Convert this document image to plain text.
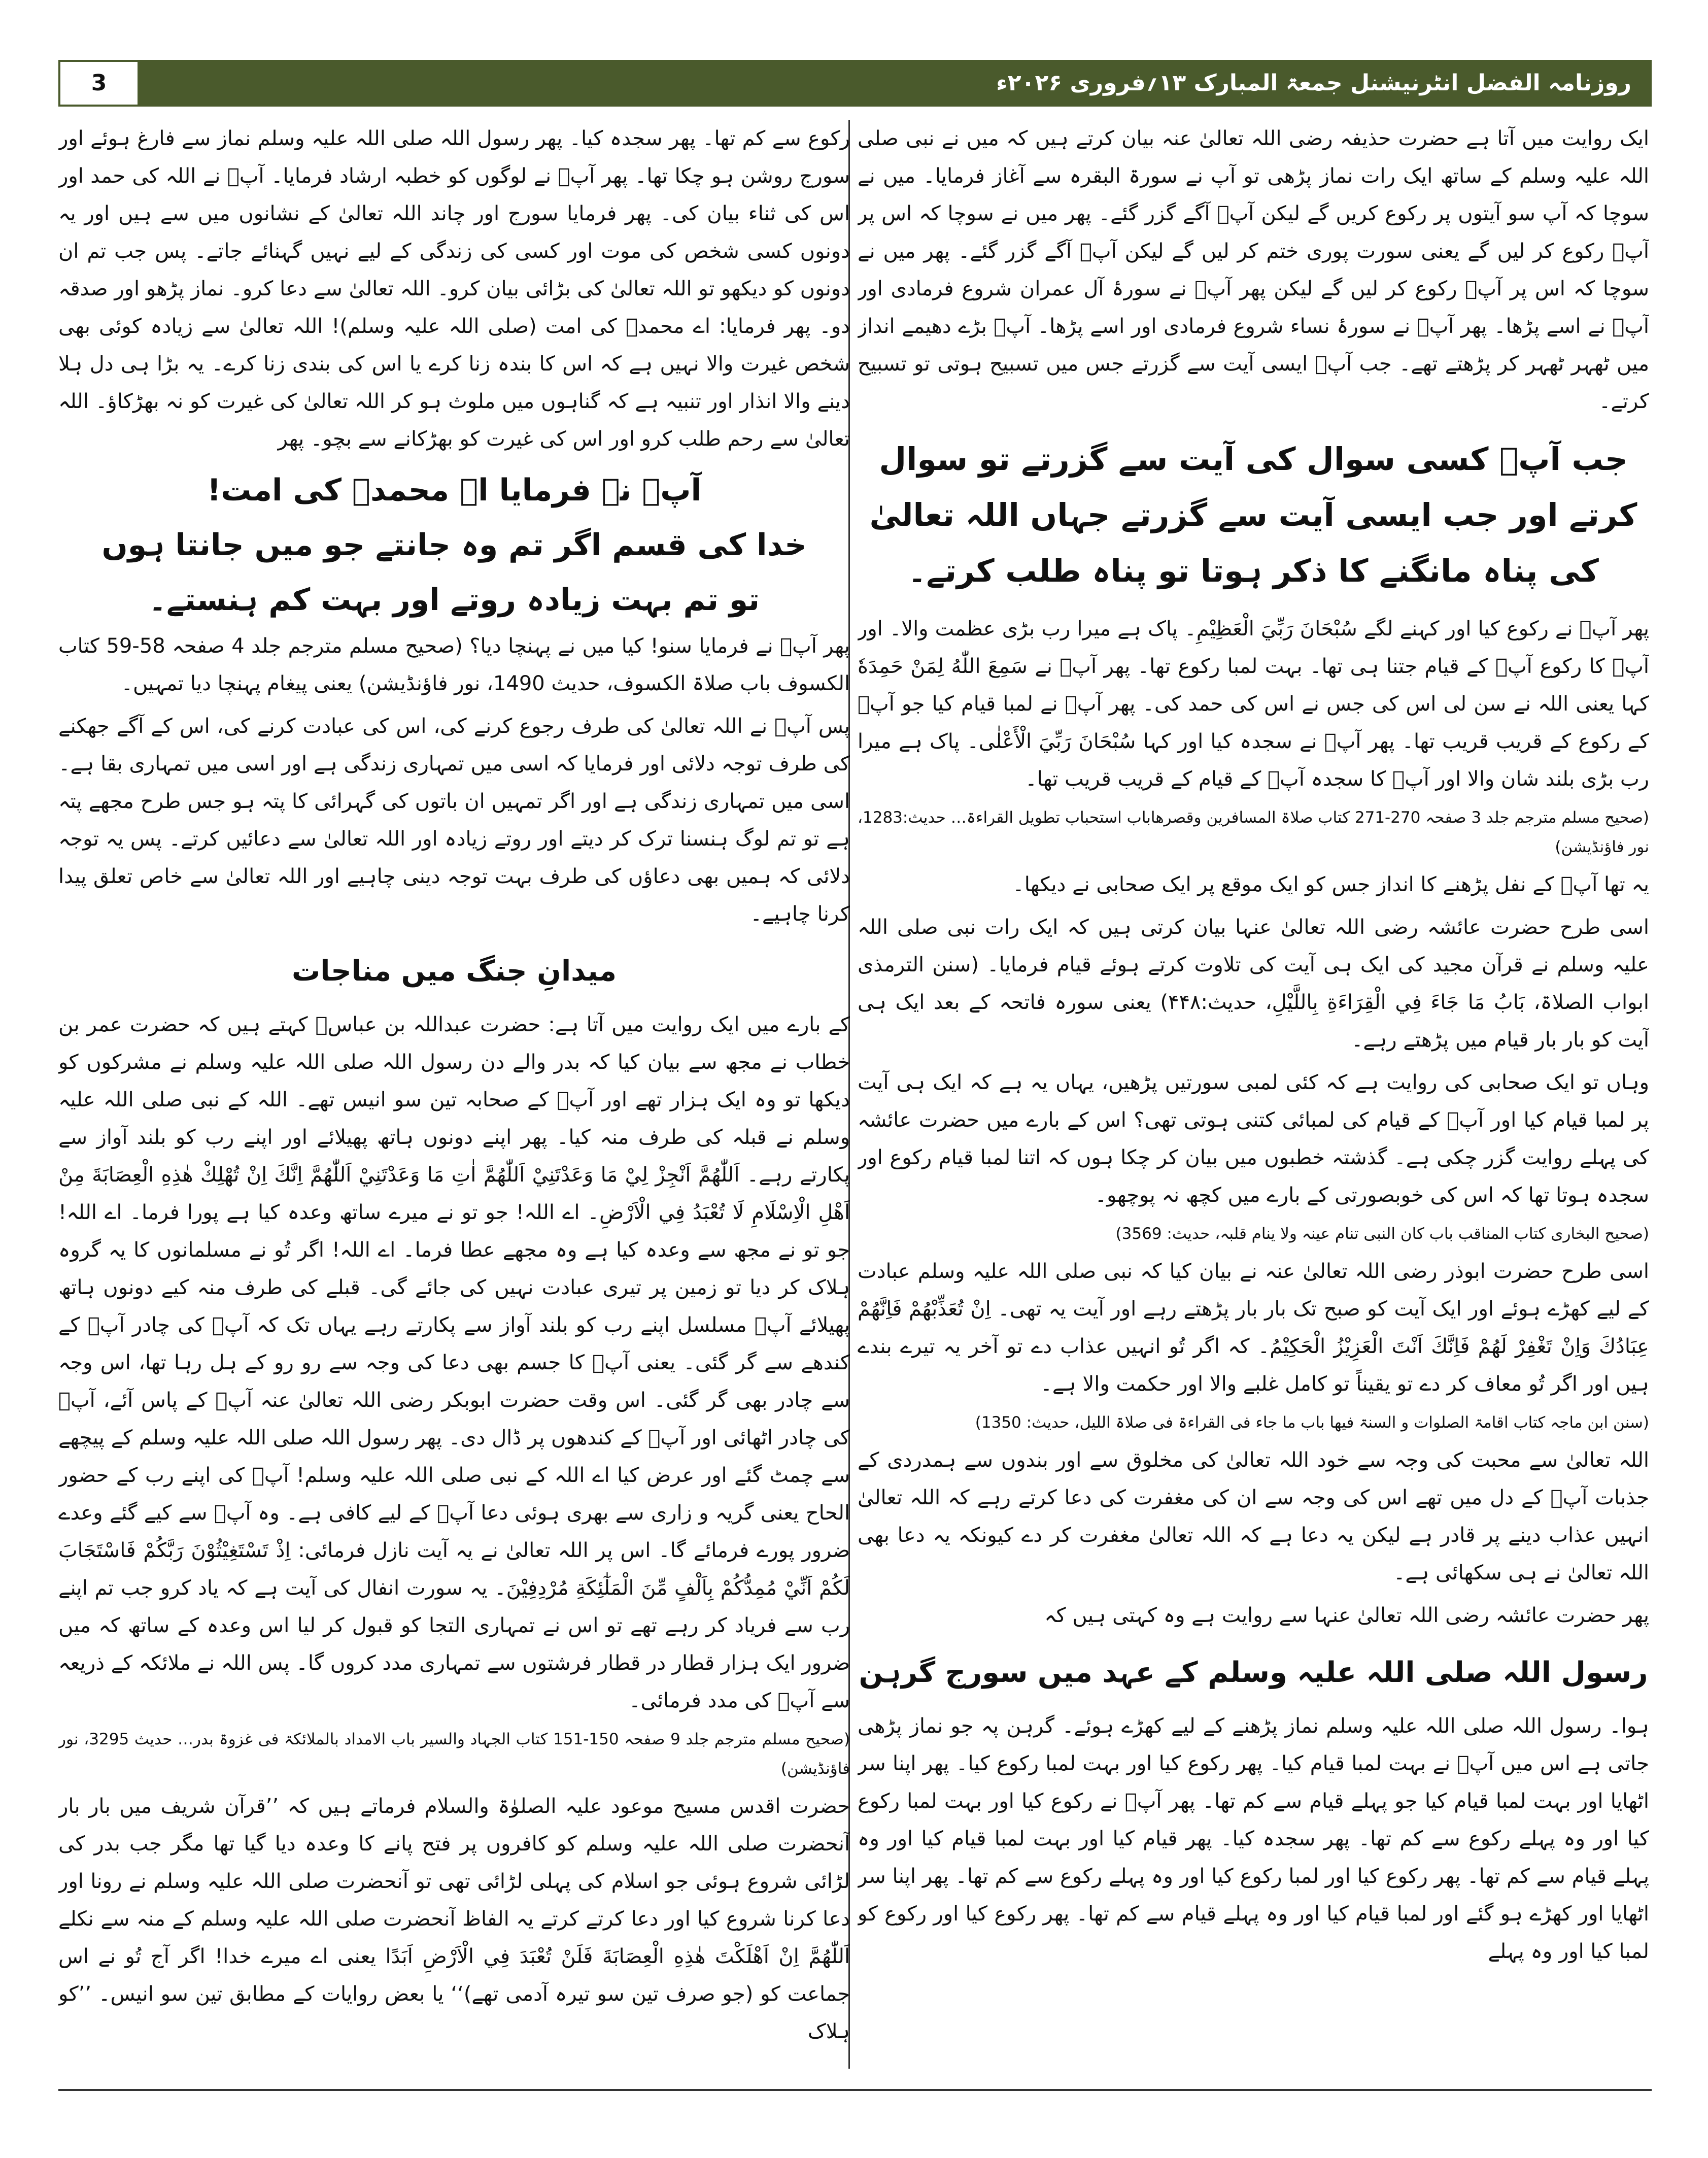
روزنامہ الفضل انٹرنیشنل جمعۃ المبارک ۱۳؍فروری ۲۰۲۶ء
3

ایک روایت میں آتا ہے حضرت حذیفہ رضی اللہ تعالیٰ عنہ بیان کرتے ہیں کہ میں نے نبی صلی اللہ علیہ وسلم کے ساتھ ایک رات نماز پڑھی تو آپ نے سورۃ البقرہ سے آغاز فرمایا۔ میں نے سوچا کہ آپ سو آیتوں پر رکوع کریں گے لیکن آپؐ آگے گزر گئے۔ پھر میں نے سوچا کہ اس پر آپؐ رکوع کر لیں گے یعنی سورت پوری ختم کر لیں گے لیکن آپؐ آگے گزر گئے۔ پھر میں نے سوچا کہ اس پر آپؐ رکوع کر لیں گے لیکن پھر آپؐ نے سورۂ آل عمران شروع فرمادی اور آپؐ نے اسے پڑھا۔ پھر آپؐ نے سورۂ نساء شروع فرمادی اور اسے پڑھا۔ آپؐ بڑے دھیمے انداز میں ٹھہر ٹھہر کر پڑھتے تھے۔ جب آپؐ ایسی آیت سے گزرتے جس میں تسبیح ہوتی تو تسبیح کرتے۔

جب آپؐ کسی سوال کی آیت سے گزرتے تو سوال کرتے اور جب ایسی آیت سے گزرتے جہاں اللہ تعالیٰ کی پناہ مانگنے کا ذکر ہوتا تو پناہ طلب کرتے۔

پھر آپؐ نے رکوع کیا اور کہنے لگے سُبْحَانَ رَبِّيَ الْعَظِيْمِ۔ پاک ہے میرا رب بڑی عظمت والا۔ اور آپؐ کا رکوع آپؐ کے قیام جتنا ہی تھا۔ بہت لمبا رکوع تھا۔ پھر آپؐ نے سَمِعَ اللّٰهُ لِمَنْ حَمِدَهٗ کہا یعنی اللہ نے سن لی اس کی جس نے اس کی حمد کی۔ پھر آپؐ نے لمبا قیام کیا جو آپؐ کے رکوع کے قریب قریب تھا۔ پھر آپؐ نے سجدہ کیا اور کہا سُبْحَانَ رَبِّيَ الْأَعْلٰى۔ پاک ہے میرا رب بڑی بلند شان والا اور آپؐ کا سجدہ آپؐ کے قیام کے قریب قریب تھا۔

(صحیح مسلم مترجم جلد 3 صفحہ 270-271 کتاب صلاۃ المسافرین وقصرھاباب استحباب تطویل القراءۃ… حدیث:1283، نور فاؤنڈیشن)

یہ تھا آپؐ کے نفل پڑھنے کا انداز جس کو ایک موقع پر ایک صحابی نے دیکھا۔

اسی طرح حضرت عائشہ رضی اللہ تعالیٰ عنہا بیان کرتی ہیں کہ ایک رات نبی صلی اللہ علیہ وسلم نے قرآن مجید کی ایک ہی آیت کی تلاوت کرتے ہوئے قیام فرمایا۔ (سنن الترمذی ابواب الصلاۃ، بَابُ مَا جَاءَ فِي الْقِرَاءَةِ بِاللَّيْلِ، حدیث:۴۴۸) یعنی سورہ فاتحہ کے بعد ایک ہی آیت کو بار بار قیام میں پڑھتے رہے۔

وہاں تو ایک صحابی کی روایت ہے کہ کئی لمبی سورتیں پڑھیں، یہاں یہ ہے کہ ایک ہی آیت پر لمبا قیام کیا اور آپؐ کے قیام کی لمبائی کتنی ہوتی تھی؟ اس کے بارے میں حضرت عائشہ کی پہلے روایت گزر چکی ہے۔ گذشتہ خطبوں میں بیان کر چکا ہوں کہ اتنا لمبا قیام رکوع اور سجدہ ہوتا تھا کہ اس کی خوبصورتی کے بارے میں کچھ نہ پوچھو۔

(صحیح البخاری کتاب المناقب باب کان النبی تنام عینہ ولا ینام قلبہ، حدیث: 3569)

اسی طرح حضرت ابوذر رضی اللہ تعالیٰ عنہ نے بیان کیا کہ نبی صلی اللہ علیہ وسلم عبادت کے لیے کھڑے ہوئے اور ایک آیت کو صبح تک بار بار پڑھتے رہے اور آیت یہ تھی۔ اِنْ تُعَذِّبْهُمْ فَاِنَّهُمْ عِبَادُكَ وَاِنْ تَغْفِرْ لَهُمْ فَاِنَّكَ اَنْتَ الْعَزِيْزُ الْحَكِيْمُ۔ کہ اگر تُو انہیں عذاب دے تو آخر یہ تیرے بندے ہیں اور اگر تُو معاف کر دے تو یقیناً تو کامل غلبے والا اور حکمت والا ہے۔

(سنن ابن ماجہ کتاب اقامۃ الصلوات و السنۃ فیھا باب ما جاء فی القراءۃ فی صلاۃ اللیل، حدیث: 1350)

اللہ تعالیٰ سے محبت کی وجہ سے خود اللہ تعالیٰ کی مخلوق سے اور بندوں سے ہمدردی کے جذبات آپؐ کے دل میں تھے اس کی وجہ سے ان کی مغفرت کی دعا کرتے رہے کہ اللہ تعالیٰ انہیں عذاب دینے پر قادر ہے لیکن یہ دعا ہے کہ اللہ تعالیٰ مغفرت کر دے کیونکہ یہ دعا بھی اللہ تعالیٰ نے ہی سکھائی ہے۔

پھر حضرت عائشہ رضی اللہ تعالیٰ عنہا سے روایت ہے وہ کہتی ہیں کہ

رسول اللہ صلی اللہ علیہ وسلم کے عہد میں سورج گرہن

ہوا۔ رسول اللہ صلی اللہ علیہ وسلم نماز پڑھنے کے لیے کھڑے ہوئے۔ گرہن پہ جو نماز پڑھی جاتی ہے اس میں آپؐ نے بہت لمبا قیام کیا۔ پھر رکوع کیا اور بہت لمبا رکوع کیا۔ پھر اپنا سر اٹھایا اور بہت لمبا قیام کیا جو پہلے قیام سے کم تھا۔ پھر آپؐ نے رکوع کیا اور بہت لمبا رکوع کیا اور وہ پہلے رکوع سے کم تھا۔ پھر سجدہ کیا۔ پھر قیام کیا اور بہت لمبا قیام کیا اور وہ پہلے قیام سے کم تھا۔ پھر رکوع کیا اور لمبا رکوع کیا اور وہ پہلے رکوع سے کم تھا۔ پھر اپنا سر اٹھایا اور کھڑے ہو گئے اور لمبا قیام کیا اور وہ پہلے قیام سے کم تھا۔ پھر رکوع کیا اور رکوع کو لمبا کیا اور وہ پہلے

رکوع سے کم تھا۔ پھر سجدہ کیا۔ پھر رسول اللہ صلی اللہ علیہ وسلم نماز سے فارغ ہوئے اور سورج روشن ہو چکا تھا۔ پھر آپؐ نے لوگوں کو خطبہ ارشاد فرمایا۔ آپؐ نے اللہ کی حمد اور اس کی ثناء بیان کی۔ پھر فرمایا سورج اور چاند اللہ تعالیٰ کے نشانوں میں سے ہیں اور یہ دونوں کسی شخص کی موت اور کسی کی زندگی کے لیے نہیں گہنائے جاتے۔ پس جب تم ان دونوں کو دیکھو تو اللہ تعالیٰ کی بڑائی بیان کرو۔ اللہ تعالیٰ سے دعا کرو۔ نماز پڑھو اور صدقہ دو۔ پھر فرمایا: اے محمدؐ کی امت (صلی اللہ علیہ وسلم)! اللہ تعالیٰ سے زیادہ کوئی بھی شخص غیرت والا نہیں ہے کہ اس کا بندہ زنا کرے یا اس کی بندی زنا کرے۔ یہ بڑا ہی دل ہلا دینے والا انذار اور تنبیہ ہے کہ گناہوں میں ملوث ہو کر اللہ تعالیٰ کی غیرت کو نہ بھڑکاؤ۔ اللہ تعالیٰ سے رحم طلب کرو اور اس کی غیرت کو بھڑکانے سے بچو۔ پھر

آپؐ نے فرمایا اے محمدؐ کی امت!

خدا کی قسم اگر تم وہ جانتے جو میں جانتا ہوں

تو تم بہت زیادہ روتے اور بہت کم ہنستے۔

پھر آپؐ نے فرمایا سنو! کیا میں نے پہنچا دیا؟ (صحیح مسلم مترجم جلد 4 صفحہ 58-59 کتاب الکسوف باب صلاۃ الکسوف، حدیث 1490، نور فاؤنڈیشن) یعنی پیغام پہنچا دیا تمہیں۔

پس آپؐ نے اللہ تعالیٰ کی طرف رجوع کرنے کی، اس کی عبادت کرنے کی، اس کے آگے جھکنے کی طرف توجہ دلائی اور فرمایا کہ اسی میں تمہاری زندگی ہے اور اسی میں تمہاری بقا ہے۔ اسی میں تمہاری زندگی ہے اور اگر تمہیں ان باتوں کی گہرائی کا پتہ ہو جس طرح مجھے پتہ ہے تو تم لوگ ہنسنا ترک کر دیتے اور روتے زیادہ اور اللہ تعالیٰ سے دعائیں کرتے۔ پس یہ توجہ دلائی کہ ہمیں بھی دعاؤں کی طرف بہت توجہ دینی چاہیے اور اللہ تعالیٰ سے خاص تعلق پیدا کرنا چاہیے۔

میدانِ جنگ میں مناجات

کے بارے میں ایک روایت میں آتا ہے: حضرت عبداللہ بن عباسؓ کہتے ہیں کہ حضرت عمر بن خطاب نے مجھ سے بیان کیا کہ بدر والے دن رسول اللہ صلی اللہ علیہ وسلم نے مشرکوں کو دیکھا تو وہ ایک ہزار تھے اور آپؐ کے صحابہ تین سو انیس تھے۔ اللہ کے نبی صلی اللہ علیہ وسلم نے قبلہ کی طرف منہ کیا۔ پھر اپنے دونوں ہاتھ پھیلائے اور اپنے رب کو بلند آواز سے پکارتے رہے۔ اَللّٰهُمَّ اَنْجِزْ لِيْ مَا وَعَدْتَنِيْ اَللّٰهُمَّ اٰتِ مَا وَعَدْتَنِيْ اَللّٰهُمَّ اِنَّكَ اِنْ تُهْلِكْ هٰذِهِ الْعِصَابَةَ مِنْ اَهْلِ الْاِسْلَامِ لَا تُعْبَدُ فِي الْاَرْضِ۔ اے اللہ! جو تو نے میرے ساتھ وعدہ کیا ہے پورا فرما۔ اے اللہ! جو تو نے مجھ سے وعدہ کیا ہے وہ مجھے عطا فرما۔ اے اللہ! اگر تُو نے مسلمانوں کا یہ گروہ ہلاک کر دیا تو زمین پر تیری عبادت نہیں کی جائے گی۔ قبلے کی طرف منہ کیے دونوں ہاتھ پھیلائے آپؐ مسلسل اپنے رب کو بلند آواز سے پکارتے رہے یہاں تک کہ آپؐ کی چادر آپؐ کے کندھے سے گر گئی۔ یعنی آپؐ کا جسم بھی دعا کی وجہ سے رو رو کے ہل رہا تھا، اس وجہ سے چادر بھی گر گئی۔ اس وقت حضرت ابوبکر رضی اللہ تعالیٰ عنہ آپؐ کے پاس آئے، آپؐ کی چادر اٹھائی اور آپؐ کے کندھوں پر ڈال دی۔ پھر رسول اللہ صلی اللہ علیہ وسلم کے پیچھے سے چمٹ گئے اور عرض کیا اے اللہ کے نبی صلی اللہ علیہ وسلم! آپؐ کی اپنے رب کے حضور الحاح یعنی گریہ و زاری سے بھری ہوئی دعا آپؐ کے لیے کافی ہے۔ وہ آپؐ سے کیے گئے وعدے ضرور پورے فرمائے گا۔ اس پر اللہ تعالیٰ نے یہ آیت نازل فرمائی: اِذْ تَسْتَغِيْثُوْنَ رَبَّكُمْ فَاسْتَجَابَ لَكُمْ اَنِّيْ مُمِدُّكُمْ بِاَلْفٍ مِّنَ الْمَلٰٓئِكَةِ مُرْدِفِيْنَ۔ یہ سورت انفال کی آیت ہے کہ یاد کرو جب تم اپنے رب سے فریاد کر رہے تھے تو اس نے تمہاری التجا کو قبول کر لیا اس وعدہ کے ساتھ کہ میں ضرور ایک ہزار قطار در قطار فرشتوں سے تمہاری مدد کروں گا۔ پس اللہ نے ملائکہ کے ذریعہ سے آپؐ کی مدد فرمائی۔

(صحیح مسلم مترجم جلد 9 صفحہ 150-151 کتاب الجہاد والسیر باب الامداد بالملائکۃ فی غزوۃ بدر… حدیث 3295، نور فاؤنڈیشن)

حضرت اقدس مسیح موعود علیہ الصلوٰۃ والسلام فرماتے ہیں کہ ’’قرآن شریف میں بار بار آنحضرت صلی اللہ علیہ وسلم کو کافروں پر فتح پانے کا وعدہ دیا گیا تھا مگر جب بدر کی لڑائی شروع ہوئی جو اسلام کی پہلی لڑائی تھی تو آنحضرت صلی اللہ علیہ وسلم نے رونا اور دعا کرنا شروع کیا اور دعا کرتے کرتے یہ الفاظ آنحضرت صلی اللہ علیہ وسلم کے منہ سے نکلے اَللّٰهُمَّ اِنْ اَهْلَكْتَ هٰذِهِ الْعِصَابَةَ فَلَنْ تُعْبَدَ فِي الْاَرْضِ اَبَدًا یعنی اے میرے خدا! اگر آج تُو نے اس جماعت کو (جو صرف تین سو تیرہ آدمی تھے)‘‘ یا بعض روایات کے مطابق تین سو انیس۔ ’’کو ہلاک
